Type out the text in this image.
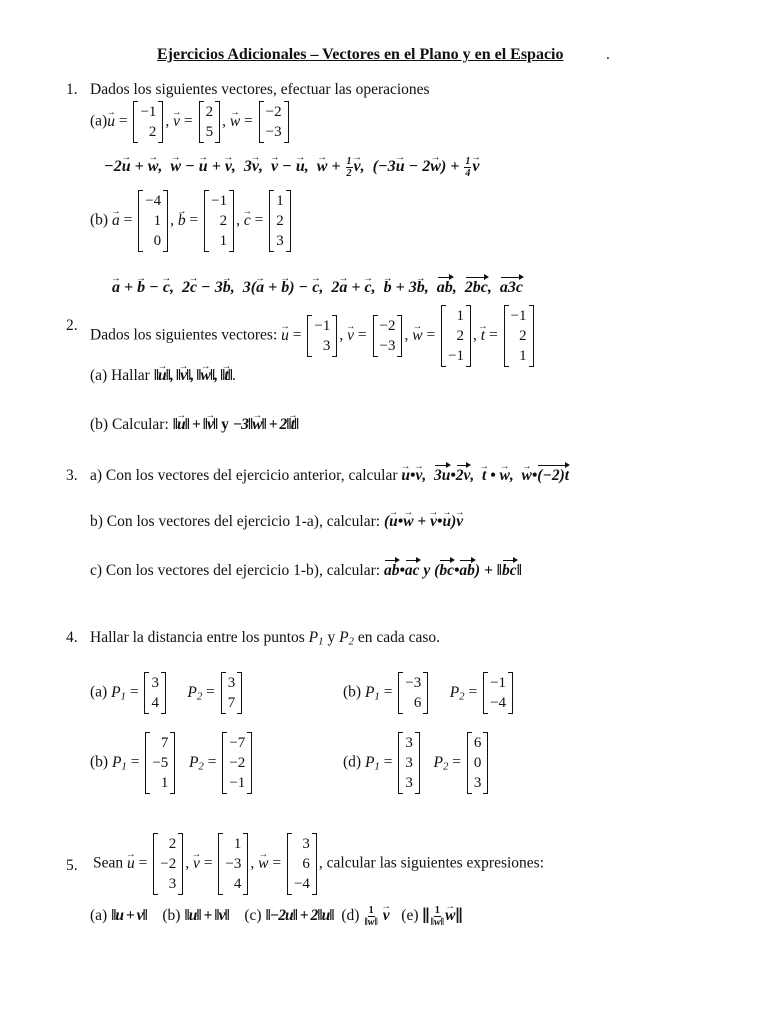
Ejercicios Adicionales – Vectores en el Plano y en el Espacio	.
1. Dados los siguientes vectores, efectuar las operaciones
(a)→ u =
−1
2
, → v =
2
5
, → w =
−2
−3
−2→ u + → w,  → w − → u + → v,  3→ v,  → v − → u,  → $w + \frac{1}{2}$
→ v,  $(-3\to u - 2\to w) + \frac{1}{4}$
→ v
(b) → a =
−4
1
0
, → b =
−1
2
1
, → c =
1
2
3
→ a + → b − → c,  2→ c − 3→ b,  3(→ a + → b) − → c,  2→ a + → c,  → b + 3→ b,  ab,  2bc,  a3c
2.
Dados los siguientes vectores: → u =
−1
3
, → v =
−2
−3
, → w =
1
2
−1
, → t =
−1
2
1
(a) Hallar ‖→ u‖, ‖→ v‖, ‖→ w‖, ‖→ t‖.
(b) Calcular: ‖→ u‖ + ‖→ v‖ y −3‖→ w‖ + 2‖→ t‖
3. a) Con los vectores del ejercicio anterior, calcular → u•→ v,  3u•2v,  → t • → w,  → w•(−2)t
b) Con los vectores del ejercicio 1-a), calcular: (→ u•→ w + → v•→ u)→ v
c) Con los vectores del ejercicio 1-b), calcular: ab•ac y (bc•ab) + ‖bc‖
4. Hallar la distancia entre los puntos $P_1$ y $P_2$ en cada caso.
(a) $P_1$ =
3
4
$P_2$ =
3
7
(b) $P_1$ =
−3
6
$P_2$ =
−1
−4
(b) $P_1$ =
7
−5
1
$P_2$ =
−7
−2
−1
(d) $P_1$ =
3
3
3
$P_2$ =
6
0
3
5. Sean → u =
2
−2
3
, → v =
1
−3
4
, → w =
3
6
−4
, calcular las siguientes expresiones:
(a) ‖u + v‖ (b) ‖u‖ + ‖v‖ (c) ‖−2u‖ + 2‖u‖ $(d) \frac{1}{‖w‖}$
→ v (e) ‖ $\frac{1}{‖w‖}$
→ w‖
